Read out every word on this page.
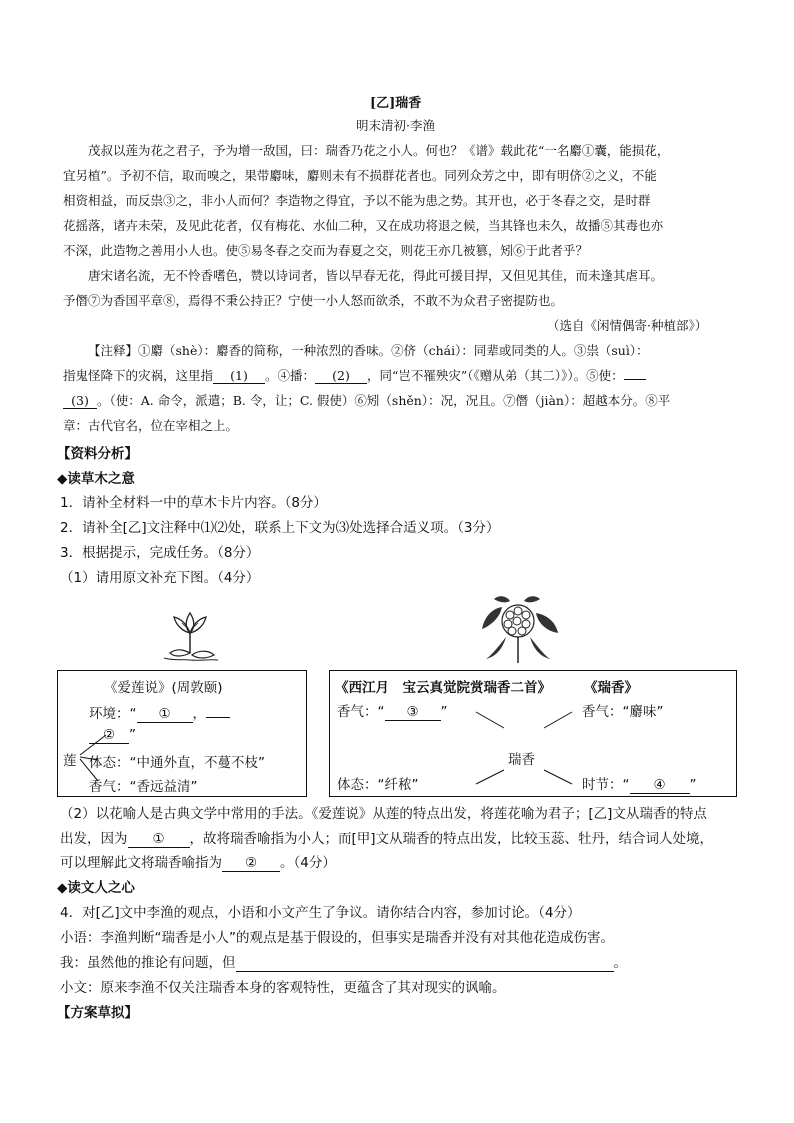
[乙]瑞香
明末清初·李渔
茂叔以莲为花之君子，予为增一敌国，曰：瑞香乃花之小人。何也？《谱》载此花“一名麝①囊，能损花，
宜另植”。予初不信，取而嗅之，果带麝味，麝则未有不损群花者也。同列众芳之中，即有明侪②之义，不能
相资相益，而反祟③之，非小人而何？李造物之得宜，予以不能为患之势。其开也，必于冬春之交，是时群
花摇落，诸卉未荣，及见此花者，仅有梅花、水仙二种，又在成功将退之候，当其锋也未久，故播⑤其毒也亦
不深，此造物之善用小人也。使⑤易冬春之交而为春夏之交，则花王亦几被篡，矧⑥于此者乎？
唐宋诸名流，无不怜香嗜色，赞以诗词者，皆以早春无花，得此可援目捍，又但见其佳，而未逢其虐耳。
予僭⑦为香国平章⑧，焉得不秉公持正？宁使一小人怒而欲杀，不敢不为众君子密提防也。
（选自《闲情偶寄·种植部》）
【注释】①麝（shè）：麝香的简称，一种浓烈的香味。②侪（chái）：同辈或同类的人。③祟（suì）：
指鬼怪降下的灾祸，这里指 (1) 。④播： (2) ，同“岂不罹殃灾”（《赠从弟（其二）》）。⑤使：
(3) 。（使：A. 命令，派遣；B. 令，让；C. 假使）⑥矧（shěn）：况，况且。⑦僭（jiàn）：超越本分。⑧平
章：古代官名，位在宰相之上。
【资料分析】
◆读草木之意
1．请补全材料一中的草木卡片内容。（8分）
2．请补全[乙]文注释中⑴⑵处，联系上下文为⑶处选择合适义项。（3分）
3．根据提示，完成任务。（8分）
（1）请用原文补充下图。（4分）
《爱莲说》(周敦颐)
环境：“ ① ，
② ”
莲 体态：“中通外直，不蔓不枝”
香气：“香远益清”
《西江月　宝云真觉院赏瑞香二首》 《瑞香》
香气：“ ③ ”	香气：“麝味”
瑞香
体态：“纤秾”	时节：“ ④ ”
（2）以花喻人是古典文学中常用的手法。《爱莲说》从莲的特点出发，将莲花喻为君子；[乙]文从瑞香的特点
出发，因为 ① ，故将瑞香喻指为小人；而[甲]文从瑞香的特点出发，比较玉蕊、牡丹，结合词人处境，
可以理解此文将瑞香喻指为 ② 。（4分）
◆读文人之心
4．对[乙]文中李渔的观点，小语和小文产生了争议。请你结合内容，参加讨论。（4分）
小语：李渔判断“瑞香是小人”的观点是基于假设的，但事实是瑞香并没有对其他花造成伤害。
我：虽然他的推论有问题，但	。
小文：原来李渔不仅关注瑞香本身的客观特性，更蕴含了其对现实的讽喻。
【方案草拟】
